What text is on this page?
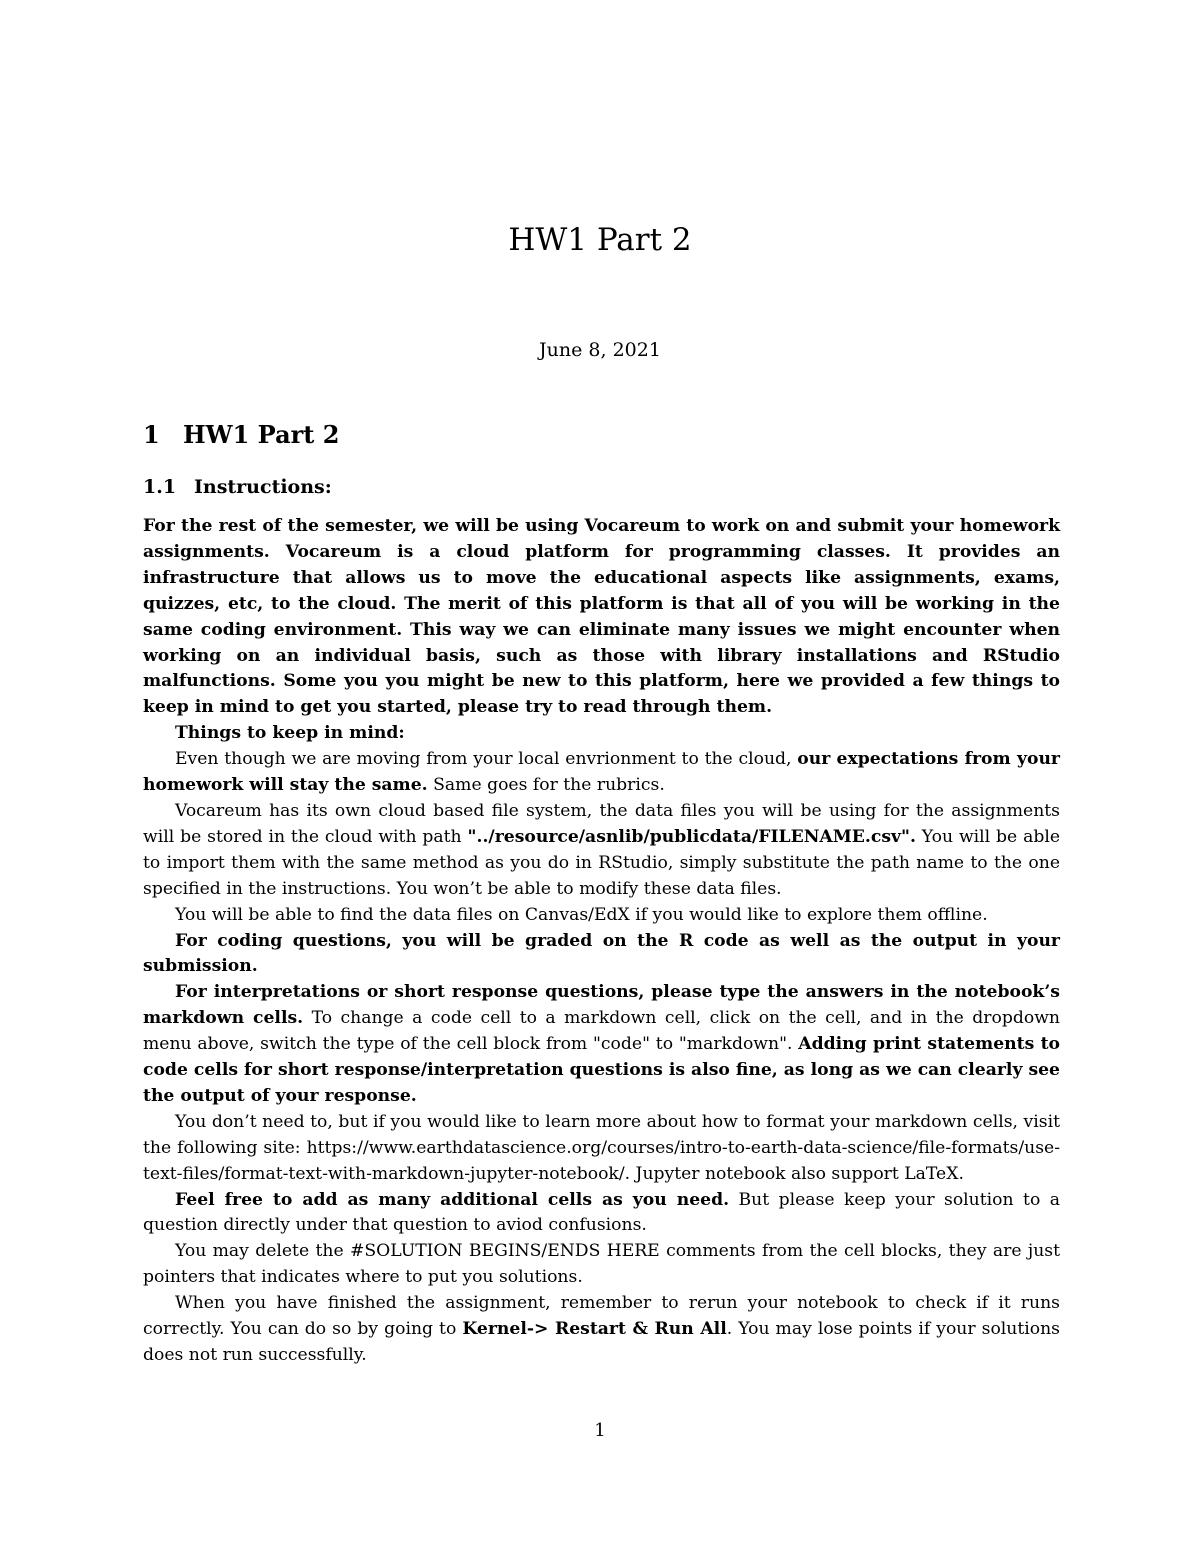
HW1 Part 2
June 8, 2021
1 HW1 Part 2
1.1 Instructions:

For the rest of the semester, we will be using Vocareum to work on and submit your homework assignments. Vocareum is a cloud platform for programming classes. It provides an infrastructure that allows us to move the educational aspects like assignments, exams, quizzes, etc, to the cloud. The merit of this platform is that all of you will be working in the same coding environment. This way we can eliminate many issues we might encounter when working on an individual basis, such as those with library installations and RStudio malfunctions. Some you you might be new to this platform, here we provided a few things to keep in mind to get you started, please try to read through them.

Things to keep in mind:

Even though we are moving from your local envrionment to the cloud, our expectations from your homework will stay the same. Same goes for the rubrics.

Vocareum has its own cloud based file system, the data files you will be using for the assignments will be stored in the cloud with path "../resource/asnlib/publicdata/FILENAME.csv". You will be able to import them with the same method as you do in RStudio, simply substitute the path name to the one specified in the instructions. You won’t be able to modify these data files.

You will be able to find the data files on Canvas/EdX if you would like to explore them offline.

For coding questions, you will be graded on the R code as well as the output in your submission.

For interpretations or short response questions, please type the answers in the notebook’s markdown cells. To change a code cell to a markdown cell, click on the cell, and in the dropdown menu above, switch the type of the cell block from "code" to "markdown". Adding print statements to code cells for short response/interpretation questions is also fine, as long as we can clearly see the output of your response.

You don’t need to, but if you would like to learn more about how to format your markdown cells, visit the following site: https://www.earthdatascience.org/courses/intro-to-earth-data-science/file-formats/use-text-files/format-text-with-markdown-jupyter-notebook/. Jupyter notebook also support LaTeX.

Feel free to add as many additional cells as you need. But please keep your solution to a question directly under that question to aviod confusions.

You may delete the #SOLUTION BEGINS/ENDS HERE comments from the cell blocks, they are just pointers that indicates where to put you solutions.

When you have finished the assignment, remember to rerun your notebook to check if it runs correctly. You can do so by going to Kernel-> Restart & Run All. You may lose points if your solutions does not run successfully.

1
